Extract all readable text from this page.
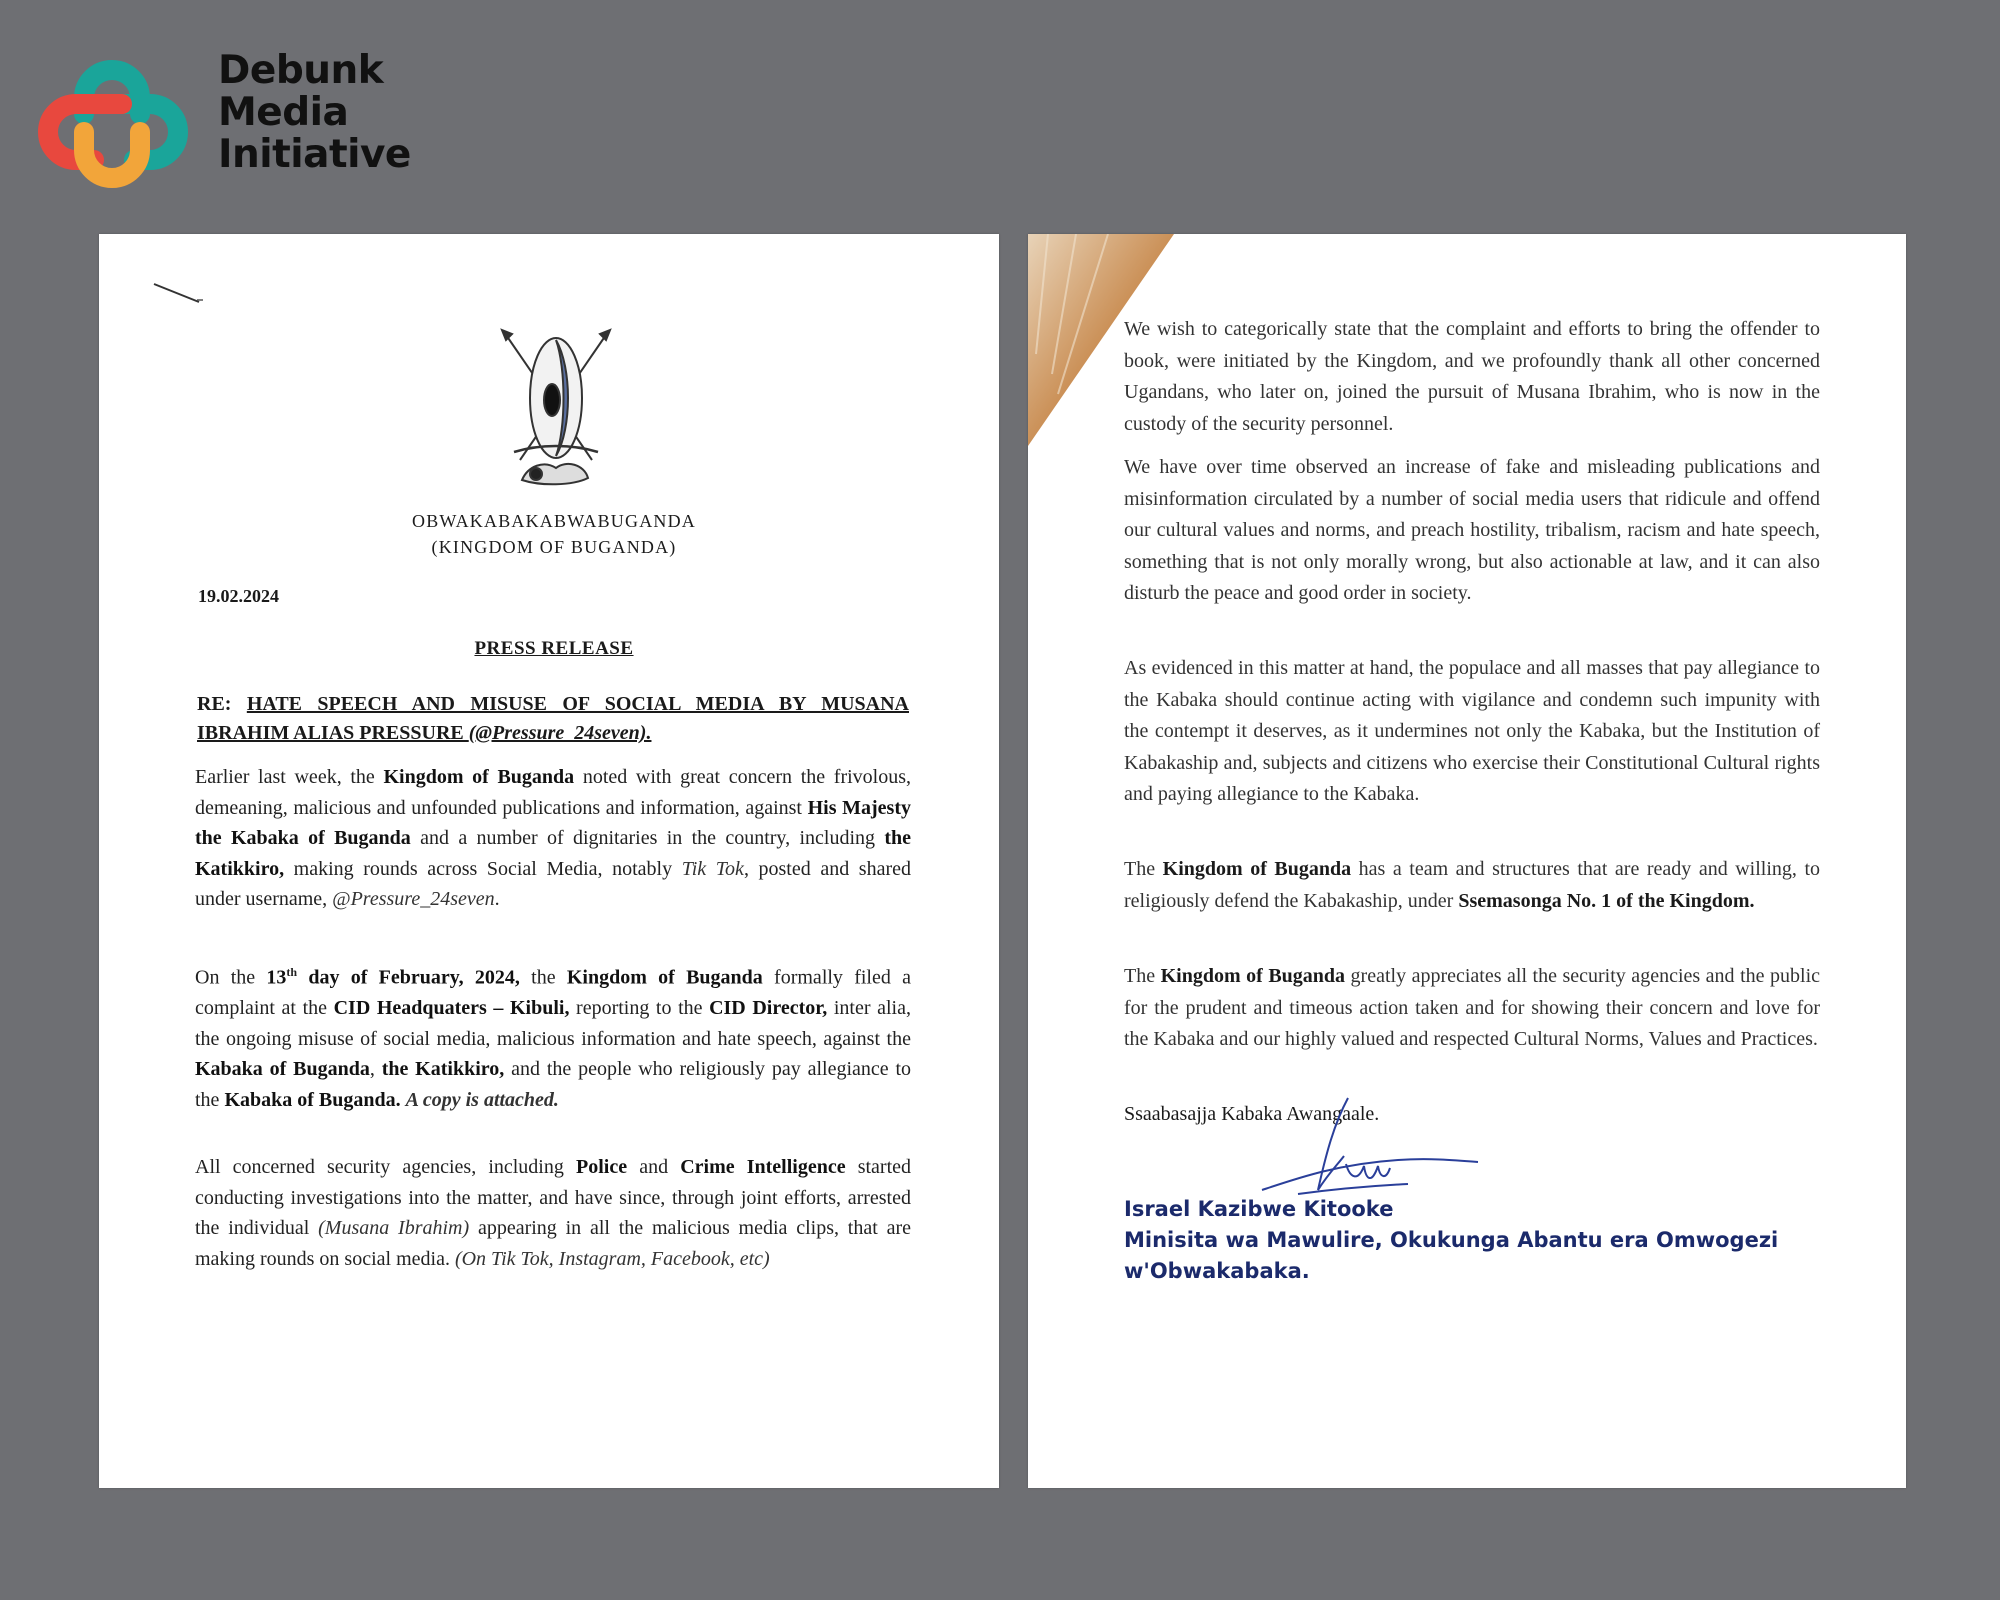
Debunk
Media
Initiative
OBWAKABAKABWABUGANDA
(KINGDOM OF BUGANDA)
19.02.2024
PRESS RELEASE
RE: HATE SPEECH AND MISUSE OF SOCIAL MEDIA BY MUSANA IBRAHIM ALIAS PRESSURE (@Pressure_24seven).
Earlier last week, the Kingdom of Buganda noted with great concern the frivolous, demeaning, malicious and unfounded publications and information, against His Majesty the Kabaka of Buganda and a number of dignitaries in the country, including the Katikkiro, making rounds across Social Media, notably Tik Tok, posted and shared under username, @Pressure_24seven.
On the 13th day of February, 2024, the Kingdom of Buganda formally filed a complaint at the CID Headquaters – Kibuli, reporting to the CID Director, inter alia, the ongoing misuse of social media, malicious information and hate speech, against the Kabaka of Buganda, the Katikkiro, and the people who religiously pay allegiance to the Kabaka of Buganda. A copy is attached.
All concerned security agencies, including Police and Crime Intelligence started conducting investigations into the matter, and have since, through joint efforts, arrested the individual (Musana Ibrahim) appearing in all the malicious media clips, that are making rounds on social media. (On Tik Tok, Instagram, Facebook, etc)
We wish to categorically state that the complaint and efforts to bring the offender to book, were initiated by the Kingdom, and we profoundly thank all other concerned Ugandans, who later on, joined the pursuit of Musana Ibrahim, who is now in the custody of the security personnel.
We have over time observed an increase of fake and misleading publications and misinformation circulated by a number of social media users that ridicule and offend our cultural values and norms, and preach hostility, tribalism, racism and hate speech, something that is not only morally wrong, but also actionable at law, and it can also disturb the peace and good order in society.
As evidenced in this matter at hand, the populace and all masses that pay allegiance to the Kabaka should continue acting with vigilance and condemn such impunity with the contempt it deserves, as it undermines not only the Kabaka, but the Institution of Kabakaship and, subjects and citizens who exercise their Constitutional Cultural rights and paying allegiance to the Kabaka.
The Kingdom of Buganda has a team and structures that are ready and willing, to religiously defend the Kabakaship, under Ssemasonga No. 1 of the Kingdom.
The Kingdom of Buganda greatly appreciates all the security agencies and the public for the prudent and timeous action taken and for showing their concern and love for the Kabaka and our highly valued and respected Cultural Norms, Values and Practices.
Ssaabasajja Kabaka Awangaale.
Israel Kazibwe Kitooke
Minisita wa Mawulire, Okukunga Abantu era Omwogezi
w'Obwakabaka.
